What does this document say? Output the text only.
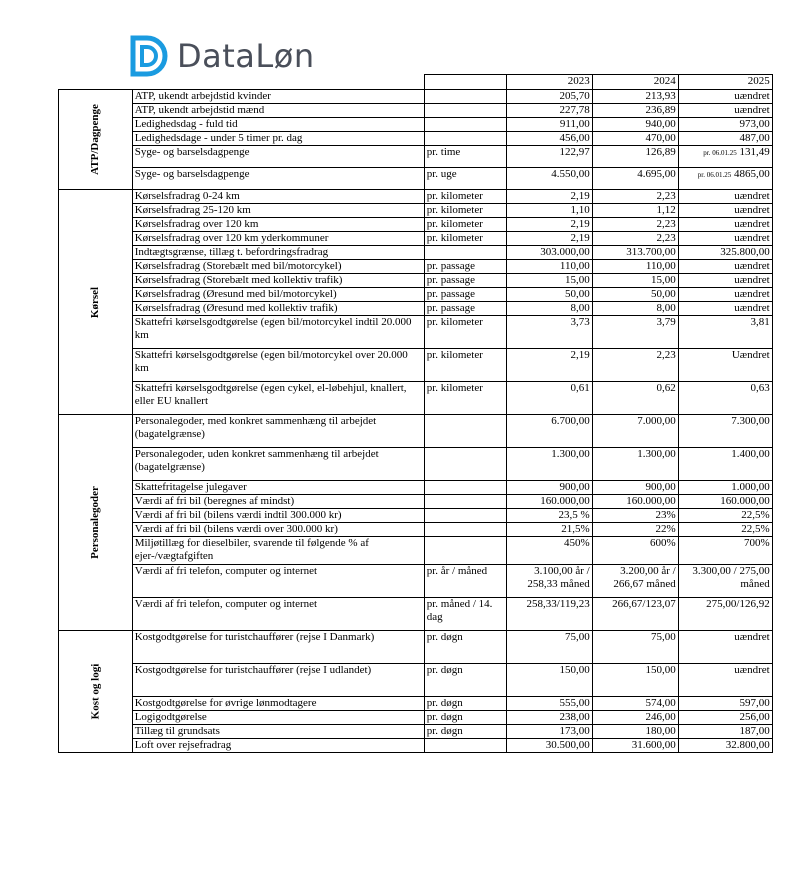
DataLøn
			2023	2024	2025
ATP/Dagpenge	ATP, ukendt arbejdstid kvinder		205,70	213,93	uændret
	ATP, ukendt arbejdstid mænd		227,78	236,89	uændret
	Ledighedsdag - fuld tid		911,00	940,00	973,00
	Ledighedsdage - under 5 timer pr. dag		456,00	470,00	487,00
	Syge- og barselsdagpenge	pr. time	122,97	126,89	pr. 06.01.25 131,49
	Syge- og barselsdagpenge	pr. uge	4.550,00	4.695,00	pr. 06.01.25 4865,00
Kørsel	Kørselsfradrag 0-24 km	pr. kilometer	2,19	2,23	uændret
	Kørselsfradrag 25-120 km	pr. kilometer	1,10	1,12	uændret
	Kørselsfradrag over 120 km	pr. kilometer	2,19	2,23	uændret
	Kørselsfradrag over 120 km yderkommuner	pr. kilometer	2,19	2,23	uændret
	Indtægtsgrænse, tillæg t. befordringsfradrag		303.000,00	313.700,00	325.800,00
	Kørselsfradrag (Storebælt med bil/motorcykel)	pr. passage	110,00	110,00	uændret
	Kørselsfradrag (Storebælt med kollektiv trafik)	pr. passage	15,00	15,00	uændret
	Kørselsfradrag (Øresund med bil/motorcykel)	pr. passage	50,00	50,00	uændret
	Kørselsfradrag (Øresund med kollektiv trafik)	pr. passage	8,00	8,00	uændret
	Skattefri kørselsgodtgørelse (egen bil/motorcykel indtil 20.000 km	pr. kilometer	3,73	3,79	3,81
	Skattefri kørselsgodtgørelse (egen bil/motorcykel over 20.000 km	pr. kilometer	2,19	2,23	Uændret
	Skattefri kørselsgodtgørelse (egen cykel, el-løbehjul, knallert, eller EU knallert	pr. kilometer	0,61	0,62	0,63
Personalegoder	Personalegoder, med konkret sammenhæng til arbejdet (bagatelgrænse)		6.700,00	7.000,00	7.300,00
	Personalegoder, uden konkret sammenhæng til arbejdet (bagatelgrænse)		1.300,00	1.300,00	1.400,00
	Skattefritagelse julegaver		900,00	900,00	1.000,00
	Værdi af fri bil (beregnes af mindst)		160.000,00	160.000,00	160.000,00
	Værdi af fri bil (bilens værdi indtil 300.000 kr)		23,5 %	23%	22,5%
	Værdi af fri bil (bilens værdi over 300.000 kr)		21,5%	22%	22,5%
	Miljøtillæg for dieselbiler, svarende til følgende % af ejer-/vægtafgiften		450%	600%	700%
	Værdi af fri telefon, computer og internet	pr. år / måned	3.100,00 år / 258,33 måned	3.200,00 år / 266,67 måned	3.300,00 / 275,00 måned
	Værdi af fri telefon, computer og internet	pr. måned / 14. dag	258,33/119,23	266,67/123,07	275,00/126,92
Kost og logi	Kostgodtgørelse for turistchauffører (rejse I Danmark)	pr. døgn	75,00	75,00	uændret
	Kostgodtgørelse for turistchauffører (rejse I udlandet)	pr. døgn	150,00	150,00	uændret
	Kostgodtgørelse for øvrige lønmodtagere	pr. døgn	555,00	574,00	597,00
	Logigodtgørelse	pr. døgn	238,00	246,00	256,00
	Tillæg til grundsats	pr. døgn	173,00	180,00	187,00
	Loft over rejsefradrag		30.500,00	31.600,00	32.800,00
